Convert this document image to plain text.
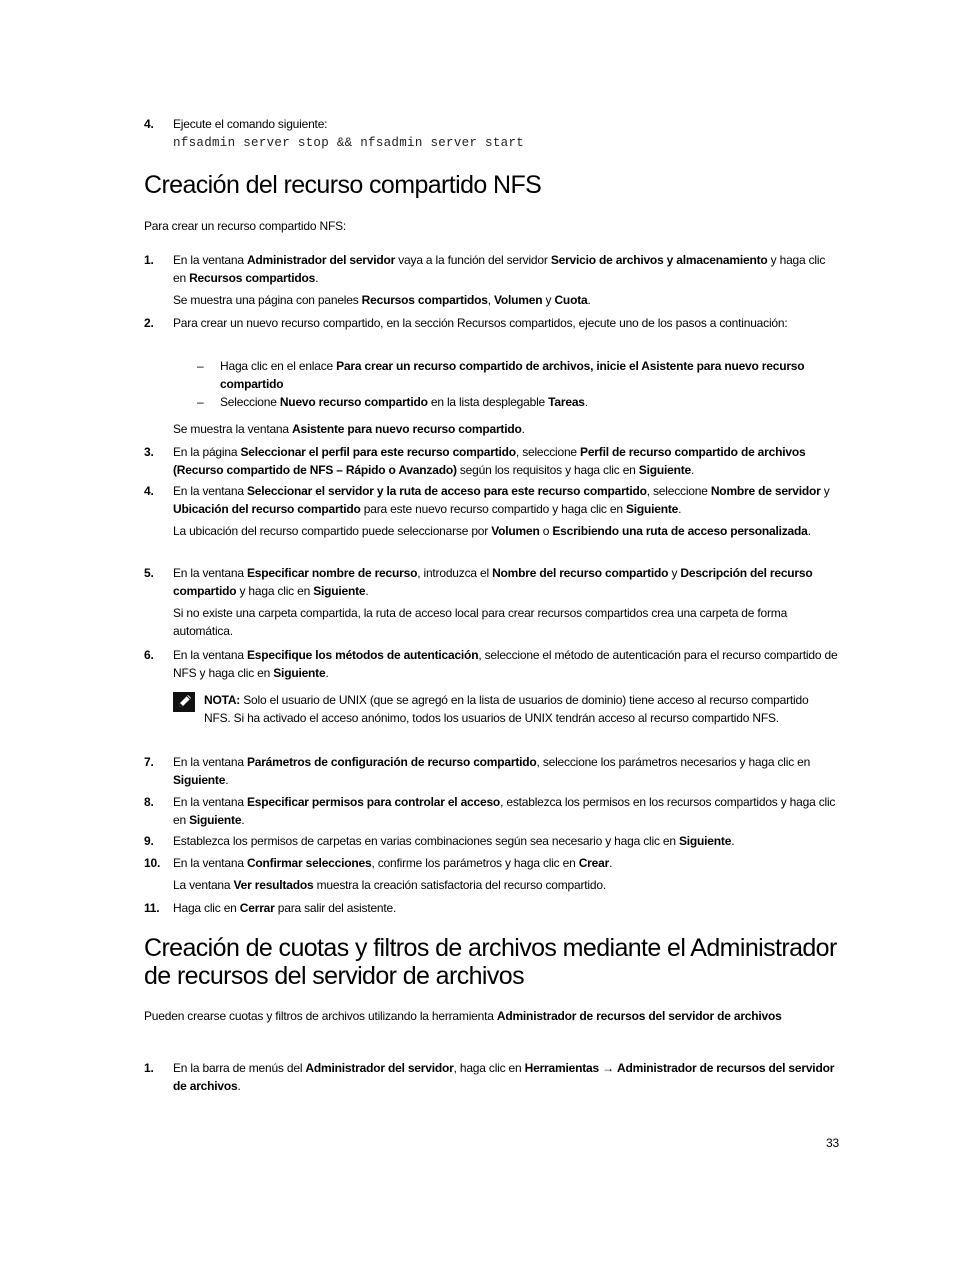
4. Ejecute el comando siguiente:

nfsadmin server stop && nfsadmin server start
Creación del recurso compartido NFS
Para crear un recurso compartido NFS:
1. En la ventana Administrador del servidor vaya a la función del servidor Servicio de archivos y almacenamiento y haga clic en Recursos compartidos.

Se muestra una página con paneles Recursos compartidos, Volumen y Cuota.

2. Para crear un nuevo recurso compartido, en la sección Recursos compartidos, ejecute uno de los pasos a continuación:

– Haga clic en el enlace Para crear un recurso compartido de archivos, inicie el Asistente para nuevo recurso compartido
– Seleccione Nuevo recurso compartido en la lista desplegable Tareas.

Se muestra la ventana Asistente para nuevo recurso compartido.

3. En la página Seleccionar el perfil para este recurso compartido, seleccione Perfil de recurso compartido de archivos (Recurso compartido de NFS – Rápido o Avanzado) según los requisitos y haga clic en Siguiente.

4. En la ventana Seleccionar el servidor y la ruta de acceso para este recurso compartido, seleccione Nombre de servidor y Ubicación del recurso compartido para este nuevo recurso compartido y haga clic en Siguiente.

La ubicación del recurso compartido puede seleccionarse por Volumen o Escribiendo una ruta de acceso personalizada.

5. En la ventana Especificar nombre de recurso, introduzca el Nombre del recurso compartido y Descripción del recurso compartido y haga clic en Siguiente.

Si no existe una carpeta compartida, la ruta de acceso local para crear recursos compartidos crea una carpeta de forma automática.

6. En la ventana Especifique los métodos de autenticación, seleccione el método de autenticación para el recurso compartido de NFS y haga clic en Siguiente.

NOTA: Solo el usuario de UNIX (que se agregó en la lista de usuarios de dominio) tiene acceso al recurso compartido NFS. Si ha activado el acceso anónimo, todos los usuarios de UNIX tendrán acceso al recurso compartido NFS.
7. En la ventana Parámetros de configuración de recurso compartido, seleccione los parámetros necesarios y haga clic en Siguiente.

8. En la ventana Especificar permisos para controlar el acceso, establezca los permisos en los recursos compartidos y haga clic en Siguiente.

9. Establezca los permisos de carpetas en varias combinaciones según sea necesario y haga clic en Siguiente.

10. En la ventana Confirmar selecciones, confirme los parámetros y haga clic en Crear.

La ventana Ver resultados muestra la creación satisfactoria del recurso compartido.

11. Haga clic en Cerrar para salir del asistente.

Creación de cuotas y filtros de archivos mediante el Administrador
de recursos del servidor de archivos
Pueden crearse cuotas y filtros de archivos utilizando la herramienta Administrador de recursos del servidor de archivos
1. En la barra de menús del Administrador del servidor, haga clic en Herramientas → Administrador de recursos del servidor de archivos.

33
